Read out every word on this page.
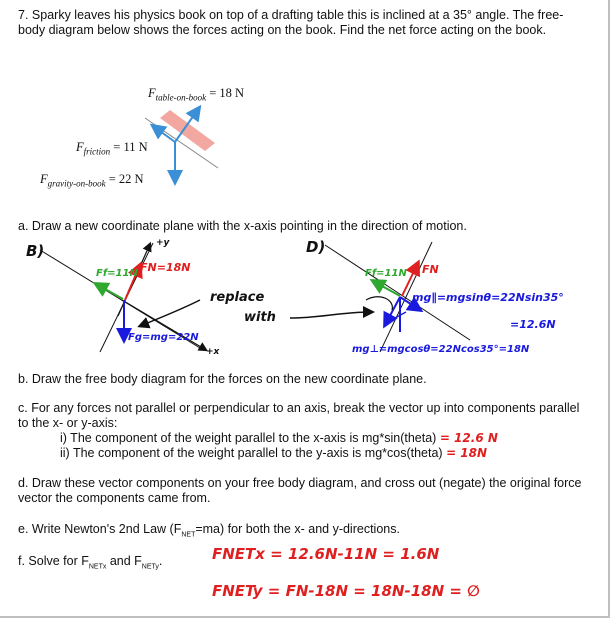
7. Sparky leaves his physics book on top of a drafting table this is inclined at a 35° angle. The free-body diagram below shows the forces acting on the book. Find the net force acting on the book.
$F_{table-on-book} = 18$ N
$F_{friction} = 11$ N
$F_{gravity-on-book} = 22$ N
a. Draw a new coordinate plane with the x-axis pointing in the direction of motion.
B)	+y
+x
Ff=11N FN=18N
Fg=mg=22N
replace
with
D)
Ff=11N FN
mg∥=mgsinθ=22Nsin35°
=12.6N
mg⊥=mgcosθ=22Ncos35°=18N
b. Draw the free body diagram for the forces on the new coordinate plane.
c. For any forces not parallel or perpendicular to an axis, break the vector up into components parallel to the x- or y-axis:
i) The component of the weight parallel to the x-axis is mg*sin(theta) = 12.6 N
ii) The component of the weight parallel to the y-axis is mg*cos(theta) = 18N
d. Draw these vector components on your free body diagram, and cross out (negate) the original force vector the components came from.
e. Write Newton's 2nd Law $(F_{NET}=ma)$ for both the x- and y-directions.
f. Solve for $F_{NETx}$ and $F_{NETy}$.	FNETx = 12.6N-11N = 1.6N
FNETy = FN-18N = 18N-18N = ∅
